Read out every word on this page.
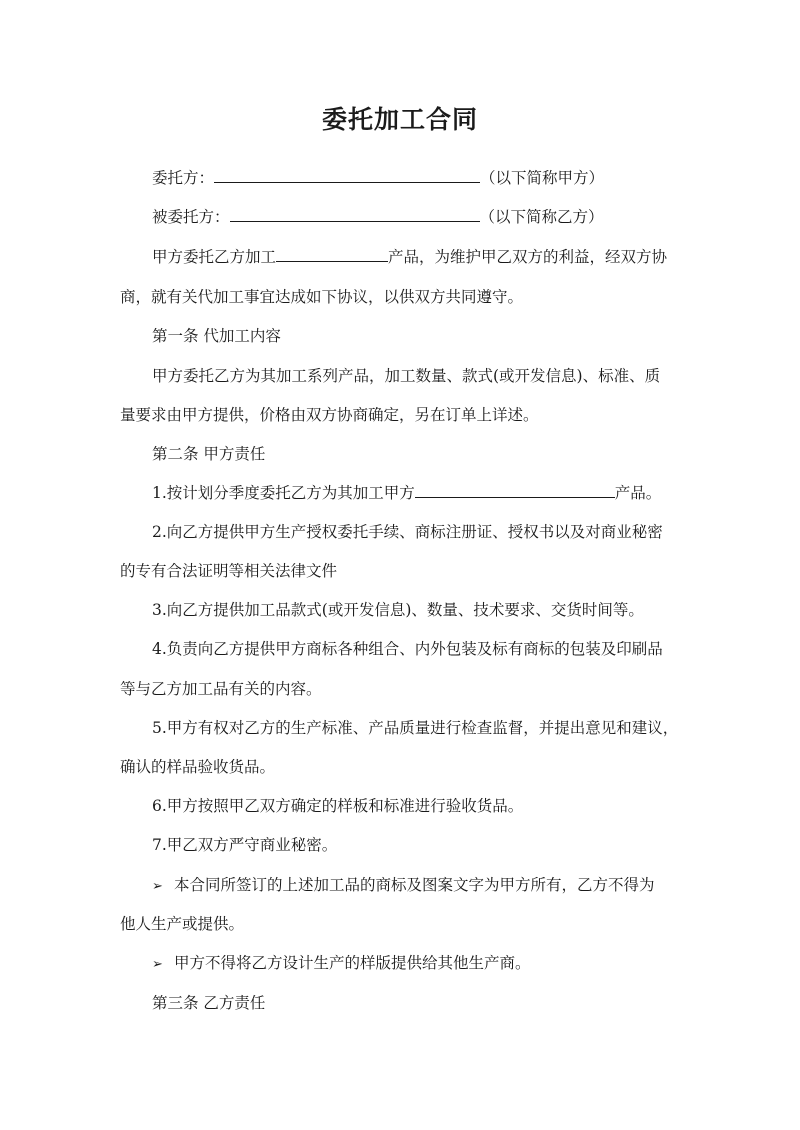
委托加工合同
委托方：	（以下简称甲方）
被委托方：	（以下简称乙方）
甲方委托乙方加工	产品，为维护甲乙双方的利益，经双方协
商，就有关代加工事宜达成如下协议，以供双方共同遵守。
第一条 代加工内容
甲方委托乙方为其加工系列产品，加工数量、款式(或开发信息)、标准、质
量要求由甲方提供，价格由双方协商确定，另在订单上详述。
第二条 甲方责任
1.按计划分季度委托乙方为其加工甲方	产品。
2.向乙方提供甲方生产授权委托手续、商标注册证、授权书以及对商业秘密
的专有合法证明等相关法律文件
3.向乙方提供加工品款式(或开发信息)、数量、技术要求、交货时间等。
4.负责向乙方提供甲方商标各种组合、内外包装及标有商标的包装及印刷品
等与乙方加工品有关的内容。
5.甲方有权对乙方的生产标准、产品质量进行检查监督，并提出意见和建议，
确认的样品验收货品。
6.甲方按照甲乙双方确定的样板和标准进行验收货品。
7.甲乙双方严守商业秘密。
➢ 本合同所签订的上述加工品的商标及图案文字为甲方所有，乙方不得为
他人生产或提供。
➢ 甲方不得将乙方设计生产的样版提供给其他生产商。
第三条 乙方责任
